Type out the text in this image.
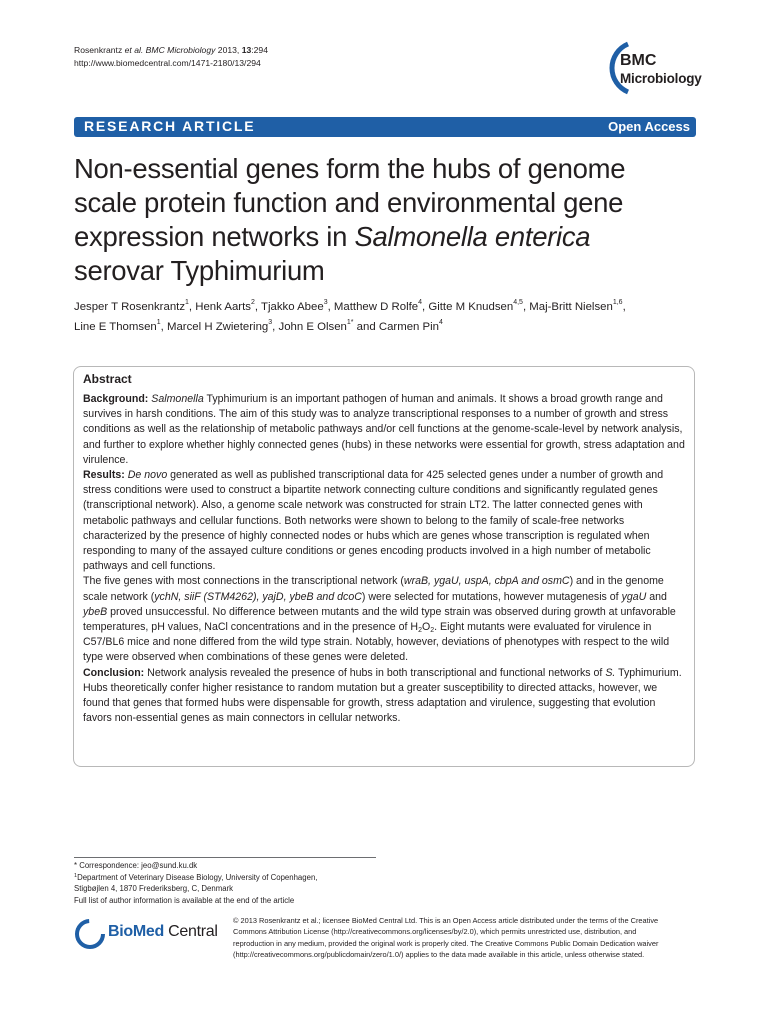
Rosenkrantz et al. BMC Microbiology 2013, 13:294
http://www.biomedcentral.com/1471-2180/13/294	BMC
Microbiology
RESEARCH ARTICLE	Open Access
Non-essential genes form the hubs of genome
scale protein function and environmental gene
expression networks in Salmonella enterica
serovar Typhimurium
Jesper T Rosenkrantz$^1$, Henk Aarts$^2$, Tjakko Abee$^3$, Matthew D Rolfe$^4$, Gitte M Knudsen$^{4,5}$, Maj-Britt Nielsen$^{1,6}$,
Line E Thomsen$^1$, Marcel H Zwietering$^3$, John E Olsen$^{1*}$ and Carmen Pin$^4$
Abstract

Background: Salmonella Typhimurium is an important pathogen of human and animals. It shows a broad growth range and survives in harsh conditions. The aim of this study was to analyze transcriptional responses to a number of growth and stress conditions as well as the relationship of metabolic pathways and/or cell functions at the genome-scale-level by network analysis, and further to explore whether highly connected genes (hubs) in these networks were essential for growth, stress adaptation and virulence.

Results: De novo generated as well as published transcriptional data for 425 selected genes under a number of growth and stress conditions were used to construct a bipartite network connecting culture conditions and significantly regulated genes (transcriptional network). Also, a genome scale network was constructed for strain LT2. The latter connected genes with metabolic pathways and cellular functions. Both networks were shown to belong to the family of scale-free networks characterized by the presence of highly connected nodes or hubs which are genes whose transcription is regulated when responding to many of the assayed culture conditions or genes encoding products involved in a high number of metabolic pathways and cell functions.

The five genes with most connections in the transcriptional network (wraB, ygaU, uspA, cbpA and osmC) and in the genome scale network (ychN, siiF (STM4262), yajD, ybeB and dcoC) were selected for mutations, however mutagenesis of ygaU and ybeB proved unsuccessful. No difference between mutants and the wild type strain was observed during growth at unfavorable temperatures, pH values, NaCl concentrations and in the presence of $H_2O_2$. Eight mutants were evaluated for virulence in C57/BL6 mice and none differed from the wild type strain. Notably, however, deviations of phenotypes with respect to the wild type were observed when combinations of these genes were deleted.

Conclusion: Network analysis revealed the presence of hubs in both transcriptional and functional networks of S. Typhimurium. Hubs theoretically confer higher resistance to random mutation but a greater susceptibility to directed attacks, however, we found that genes that formed hubs were dispensable for growth, stress adaptation and virulence, suggesting that evolution favors non-essential genes as main connectors in cellular networks.

* Correspondence: jeo@sund.ku.dk
$^1$Department of Veterinary Disease Biology, University of Copenhagen,
Stigbøjlen 4, 1870 Frederiksberg, C, Denmark
Full list of author information is available at the end of the article
BioMed Central
© 2013 Rosenkrantz et al.; licensee BioMed Central Ltd. This is an Open Access article distributed under the terms of the Creative Commons Attribution License (http://creativecommons.org/licenses/by/2.0), which permits unrestricted use, distribution, and reproduction in any medium, provided the original work is properly cited. The Creative Commons Public Domain Dedication waiver (http://creativecommons.org/publicdomain/zero/1.0/) applies to the data made available in this article, unless otherwise stated.
